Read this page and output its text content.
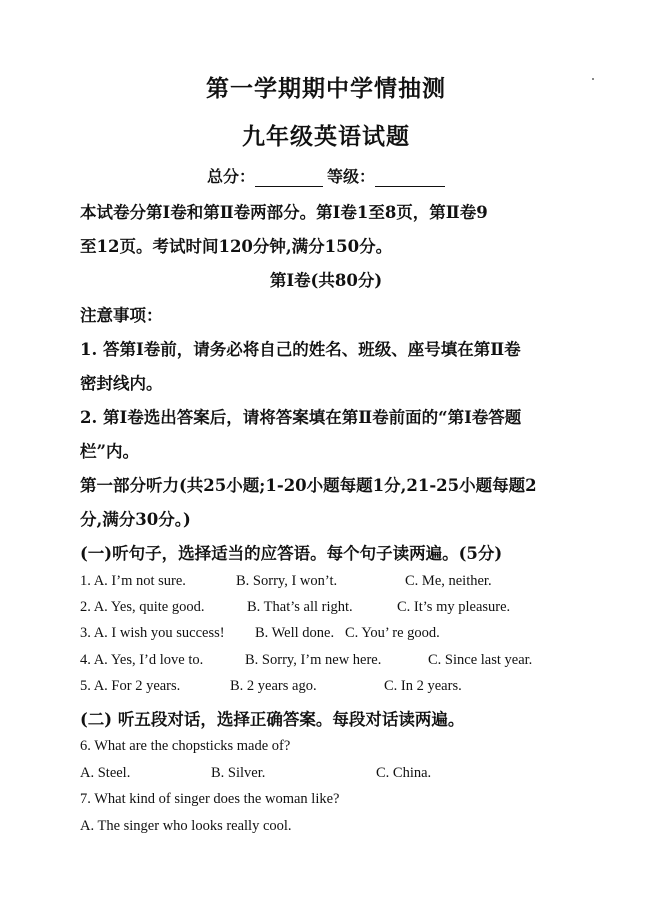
第一学期期中学情抽测
九年级英语试题
总分：	等级：
本试卷分第Ⅰ卷和第Ⅱ卷两部分。第Ⅰ卷1至8页，第Ⅱ卷9
至12页。考试时间120分钟,满分150分。
第Ⅰ卷(共80分)
注意事项：
1. 答第Ⅰ卷前，请务必将自己的姓名、班级、座号填在第Ⅱ卷
密封线内。
2. 第Ⅰ卷选出答案后，请将答案填在第Ⅱ卷前面的“第Ⅰ卷答题
栏”内。
第一部分听力(共25小题;1-20小题每题1分,21-25小题每题2
分,满分30分。)
(一)听句子，选择适当的应答语。每个句子读两遍。(5分)
1. A. I’m not sure.	B. Sorry, I won’t.	C. Me, neither.
2. A. Yes, quite good.	B. That’s all right.	C. It’s my pleasure.
3. A. I wish you success! B. Well done. C. You’ re good.
4. A. Yes, I’d love to.	B. Sorry, I’m new here.	C. Since last year.
5. A. For 2 years.	B. 2 years ago.	C. In 2 years.
(二) 听五段对话，选择正确答案。每段对话读两遍。
6. What are the chopsticks made of?
A. Steel.	B. Silver.	C. China.
7. What kind of singer does the woman like?
A. The singer who looks really cool.
